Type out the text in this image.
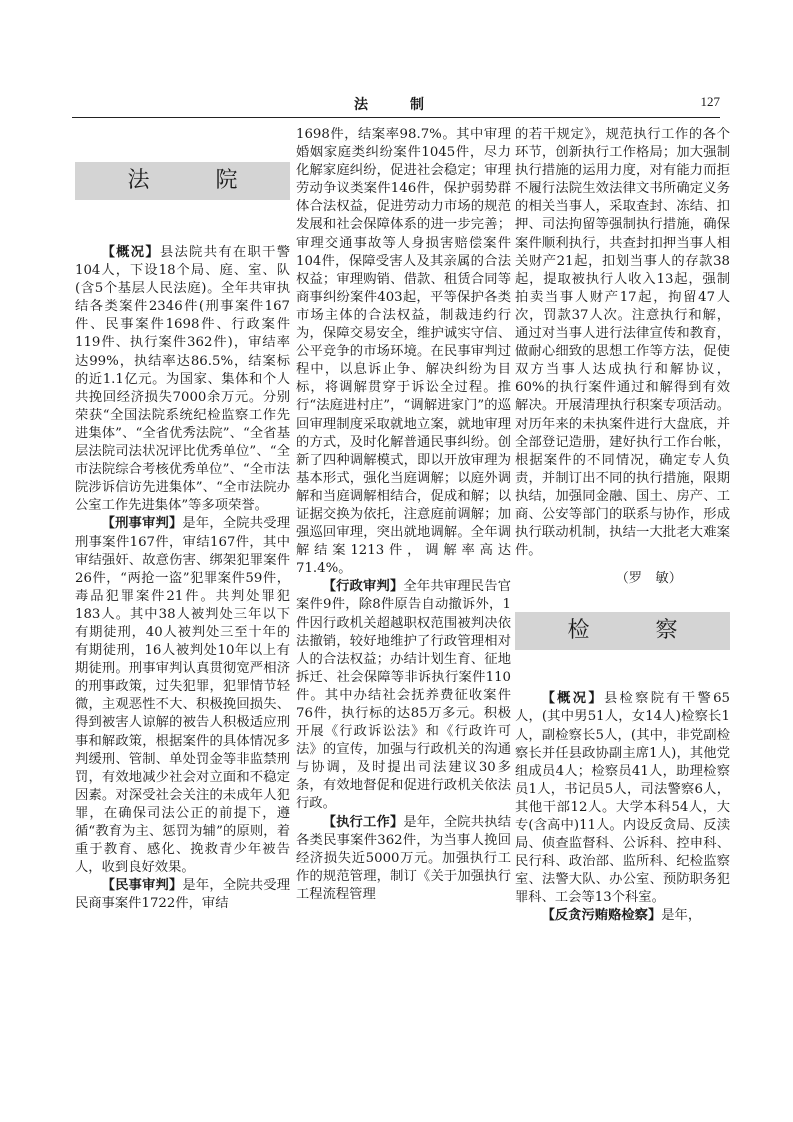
法　制	127
法　院

【概况】县法院共有在职干警104人，下设18个局、庭、室、队(含5个基层人民法庭)。全年共审执结各类案件2346件(刑事案件167件、民事案件1698件、行政案件119件、执行案件362件)，审结率达99%，执结率达86.5%，结案标的近1.1亿元。为国家、集体和个人共挽回经济损失7000余万元。分别荣获“全国法院系统纪检监察工作先进集体”、“全省优秀法院”、“全省基层法院司法状况评比优秀单位”、“全市法院综合考核优秀单位”、“全市法院涉诉信访先进集体”、“全市法院办公室工作先进集体”等多项荣誉。

【刑事审判】是年，全院共受理刑事案件167件，审结167件，其中审结强奸、故意伤害、绑架犯罪案件26件，“两抢一盗”犯罪案件59件，毒品犯罪案件21件。共判处罪犯183人。其中38人被判处三年以下有期徒刑，40人被判处三至十年的有期徒刑，16人被判处10年以上有期徒刑。刑事审判认真贯彻宽严相济的刑事政策，过失犯罪，犯罪情节轻微，主观恶性不大、积极挽回损失、得到被害人谅解的被告人积极适应刑事和解政策，根据案件的具体情况多判缓刑、管制、单处罚金等非监禁刑罚，有效地减少社会对立面和不稳定因素。对深受社会关注的未成年人犯罪，在确保司法公正的前提下，遵循“教育为主、惩罚为辅”的原则，着重于教育、感化、挽救青少年被告人，收到良好效果。

【民事审判】是年，全院共受理民商事案件1722件，审结

1698件，结案率98.7%。其中审理婚姻家庭类纠纷案件1045件，尽力化解家庭纠纷，促进社会稳定；审理劳动争议类案件146件，保护弱势群体合法权益，促进劳动力市场的规范发展和社会保障体系的进一步完善；审理交通事故等人身损害赔偿案件104件，保障受害人及其亲属的合法权益；审理购销、借款、租赁合同等商事纠纷案件403起，平等保护各类市场主体的合法权益，制裁违约行为，保障交易安全，维护诚实守信、公平竞争的市场环境。在民事审判过程中，以息诉止争、解决纠纷为目标，将调解贯穿于诉讼全过程。推行“法庭进村庄”，“调解进家门”的巡回审理制度采取就地立案，就地审理的方式，及时化解普通民事纠纷。创新了四种调解模式，即以开放审理为基本形式，强化当庭调解；以庭外调解和当庭调解相结合，促成和解；以证据交换为依托，注意庭前调解；加强巡回审理，突出就地调解。全年调解结案1213件，调解率高达71.4%。

【行政审判】全年共审理民告官案件9件，除8件原告自动撤诉外，1件因行政机关超越职权范围被判决依法撤销，较好地维护了行政管理相对人的合法权益；办结计划生育、征地拆迁、社会保障等非诉执行案件110件。其中办结社会抚养费征收案件76件，执行标的达85万多元。积极开展《行政诉讼法》和《行政许可法》的宣传，加强与行政机关的沟通与协调，及时提出司法建议30多条，有效地督促和促进行政机关依法行政。

【执行工作】是年，全院共执结各类民事案件362件，为当事人挽回经济损失近5000万元。加强执行工作的规范管理，制订《关于加强执行工程流程管理

的若干规定》，规范执行工作的各个环节，创新执行工作格局；加大强制执行措施的运用力度，对有能力而拒不履行法院生效法律文书所确定义务的相关当事人，采取查封、冻结、扣押、司法拘留等强制执行措施，确保案件顺利执行，共查封扣押当事人相关财产21起，扣划当事人的存款38起，提取被执行人收入13起，强制拍卖当事人财产17起，拘留47人次，罚款37人次。注意执行和解，通过对当事人进行法律宣传和教育，做耐心细致的思想工作等方法，促使双方当事人达成执行和解协议，60%的执行案件通过和解得到有效解决。开展清理执行积案专项活动。对历年来的未执案件进行大盘底，并全部登记造册，建好执行工作台帐，根据案件的不同情况，确定专人负责，并制订出不同的执行措施，限期执结，加强同金融、国土、房产、工商、公安等部门的联系与协作，形成执行联动机制，执结一大批老大难案件。

（罗　敏）

检　察

【概况】县检察院有干警65人，(其中男51人，女14人)检察长1人，副检察长5人，(其中，非党副检察长并任县政协副主席1人)，其他党组成员4人；检察员41人，助理检察员1人，书记员5人，司法警察6人，其他干部12人。大学本科54人，大专(含高中)11人。内设反贪局、反渎局、侦查监督科、公诉科、控申科、民行科、政治部、监所科、纪检监察室、法警大队、办公室、预防职务犯罪科、工会等13个科室。

【反贪污贿赂检察】是年，
